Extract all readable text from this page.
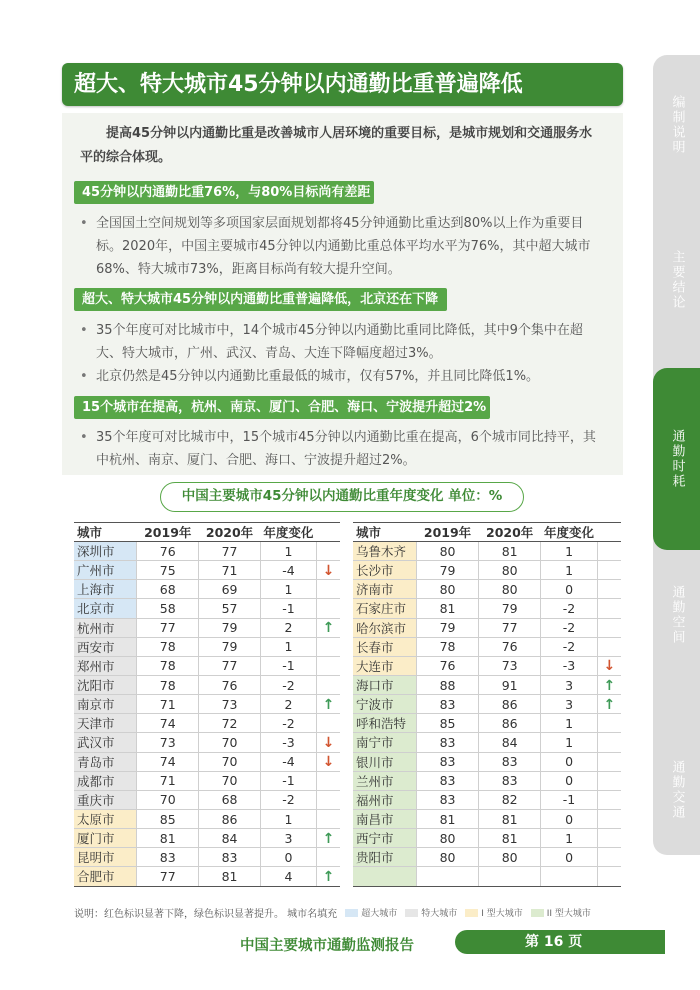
编制说明
主要结论
通勤时耗
通勤空间
通勤交通
超大、特大城市45分钟以内通勤比重普遍降低
提高45分钟以内通勤比重是改善城市人居环境的重要目标，是城市规划和交通服务水平的综合体现。
45分钟以内通勤比重76%，与80%目标尚有差距
• 全国国土空间规划等多项国家层面规划都将45分钟通勤比重达到80%以上作为重要目标。2020年，中国主要城市45分钟以内通勤比重总体平均水平为76%，其中超大城市68%、特大城市73%，距离目标尚有较大提升空间。
超大、特大城市45分钟以内通勤比重普遍降低，北京还在下降
• 35个年度可对比城市中，14个城市45分钟以内通勤比重同比降低，其中9个集中在超大、特大城市，广州、武汉、青岛、大连下降幅度超过3%。
• 北京仍然是45分钟以内通勤比重最低的城市，仅有57%，并且同比降低1%。
15个城市在提高，杭州、南京、厦门、合肥、海口、宁波提升超过2%
• 35个年度可对比城市中，15个城市45分钟以内通勤比重在提高，6个城市同比持平，其中杭州、南京、厦门、合肥、海口、宁波提升超过2%。
中国主要城市45分钟以内通勤比重年度变化 单位：%
城市	2019年	2020年	年度变化	
深圳市	76	77	1	
广州市	75	71	-4	↓
上海市	68	69	1	
北京市	58	57	-1	
杭州市	77	79	2	↑
西安市	78	79	1	
郑州市	78	77	-1	
沈阳市	78	76	-2	
南京市	71	73	2	↑
天津市	74	72	-2	
武汉市	73	70	-3	↓
青岛市	74	70	-4	↓
成都市	71	70	-1	
重庆市	70	68	-2	
太原市	85	86	1	
厦门市	81	84	3	↑
昆明市	83	83	0	
合肥市	77	81	4	↑
城市	2019年	2020年	年度变化	
乌鲁木齐	80	81	1	
长沙市	79	80	1	
济南市	80	80	0	
石家庄市	81	79	-2	
哈尔滨市	79	77	-2	
长春市	78	76	-2	
大连市	76	73	-3	↓
海口市	88	91	3	↑
宁波市	83	86	3	↑
呼和浩特	85	86	1	
南宁市	83	84	1	
银川市	83	83	0	
兰州市	83	83	0	
福州市	83	82	-1	
南昌市	81	81	0	
西宁市	80	81	1	
贵阳市	80	80	0	

说明：红色标识显著下降，绿色标识显著提升。 城市名填充	超大城市	特大城市	I 型大城市	II 型大城市
中国主要城市通勤监测报告	第 16 页
